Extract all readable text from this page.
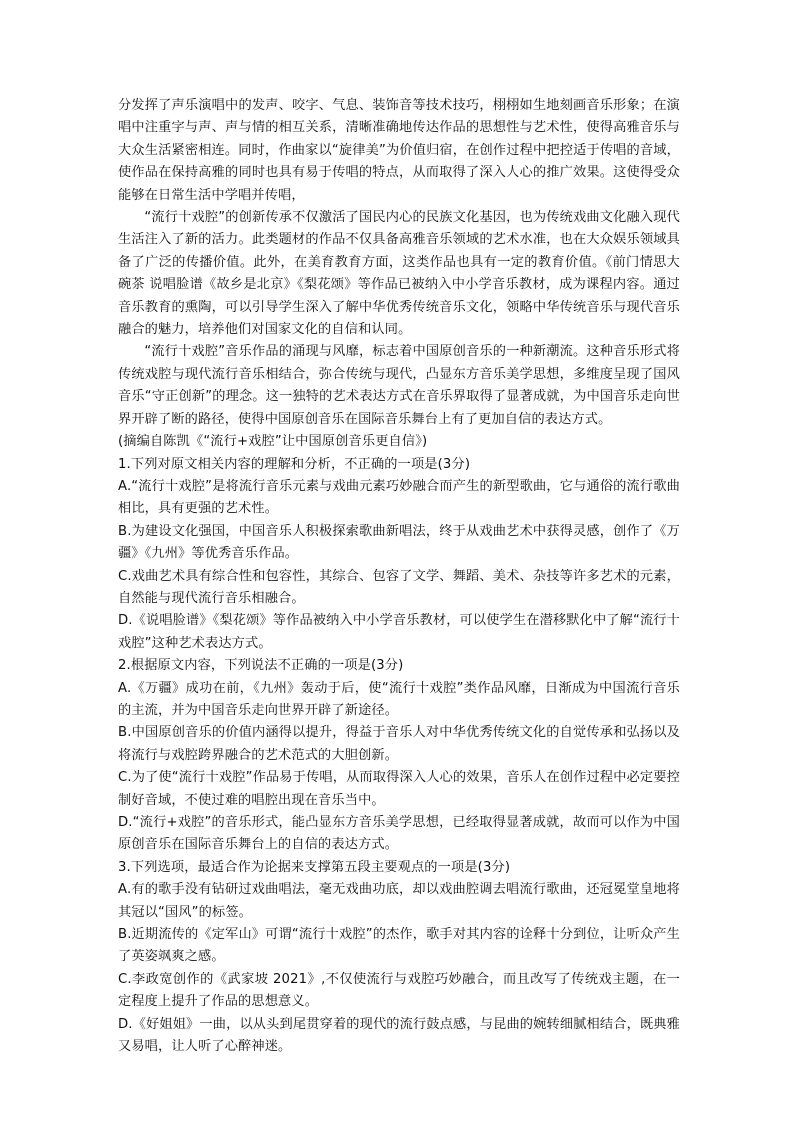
分发挥了声乐演唱中的发声、咬字、气息、装饰音等技术技巧，栩栩如生地刻画音乐形象；在演唱中注重字与声、声与情的相互关系，清晰准确地传达作品的思想性与艺术性，使得高雅音乐与大众生活紧密相连。同时，作曲家以“旋律美”为价值归宿，在创作过程中把控适于传唱的音域，使作品在保持高雅的同时也具有易于传唱的特点，从而取得了深入人心的推广效果。这使得受众能够在日常生活中学唱并传唱，

“流行十戏腔”的创新传承不仅激活了国民内心的民族文化基因，也为传统戏曲文化融入现代生活注入了新的活力。此类题材的作品不仅具备高雅音乐领域的艺术水准，也在大众娱乐领域具备了广泛的传播价值。此外，在美育教育方面，这类作品也具有一定的教育价值。《前门情思大碗茶 说唱脸谱《故乡是北京》《梨花颂》等作品已被纳入中小学音乐教材，成为课程内容。通过音乐教育的熏陶，可以引导学生深入了解中华优秀传统音乐文化，领略中华传统音乐与现代音乐融合的魅力，培养他们对国家文化的自信和认同。

“流行十戏腔”音乐作品的涌现与风靡，标志着中国原创音乐的一种新潮流。这种音乐形式将传统戏腔与现代流行音乐相结合，弥合传统与现代，凸显东方音乐美学思想，多维度呈现了国风音乐“守正创新”的理念。这一独特的艺术表达方式在音乐界取得了显著成就，为中国音乐走向世界开辟了断的路径，使得中国原创音乐在国际音乐舞台上有了更加自信的表达方式。

(摘编自陈凯《“流行+戏腔”让中国原创音乐更自信》)

1.下列对原文相关内容的理解和分析，不正确的一项是(3分)

A.“流行十戏腔”是将流行音乐元素与戏曲元素巧妙融合而产生的新型歌曲，它与通俗的流行歌曲相比，具有更强的艺术性。

B.为建设文化强国，中国音乐人积极探索歌曲新唱法，终于从戏曲艺术中获得灵感，创作了《万疆》《九州》等优秀音乐作品。

C.戏曲艺术具有综合性和包容性，其综合、包容了文学、舞蹈、美术、杂技等许多艺术的元素，自然能与现代流行音乐相融合。

D.《说唱脸谱》《梨花颂》等作品被纳入中小学音乐教材，可以使学生在潜移默化中了解“流行十戏腔”这种艺术表达方式。

2.根据原文内容，下列说法不正确的一项是(3分)

A.《万疆》成功在前，《九州》轰动于后，使“流行十戏腔”类作品风靡，日渐成为中国流行音乐的主流，并为中国音乐走向世界开辟了新途径。

B.中国原创音乐的价值内涵得以提升，得益于音乐人对中华优秀传统文化的自觉传承和弘扬以及将流行与戏腔跨界融合的艺术范式的大胆创新。

C.为了使“流行十戏腔”作品易于传唱，从而取得深入人心的效果，音乐人在创作过程中必定要控制好音域，不使过难的唱腔出现在音乐当中。

D.“流行+戏腔”的音乐形式，能凸显东方音乐美学思想，已经取得显著成就，故而可以作为中国原创音乐在国际音乐舞台上的自信的表达方式。

3.下列选项，最适合作为论据来支撑第五段主要观点的一项是(3分)

A.有的歌手没有钻研过戏曲唱法，毫无戏曲功底，却以戏曲腔调去唱流行歌曲，还冠冕堂皇地将其冠以“国风”的标签。

B.近期流传的《定军山》可谓“流行十戏腔”的杰作，歌手对其内容的诠释十分到位，让听众产生了英姿飒爽之感。

C.李政宽创作的《武家坡 2021》,不仅使流行与戏腔巧妙融合，而且改写了传统戏主题，在一定程度上提升了作品的思想意义。

D.《好姐姐》一曲，以从头到尾贯穿着的现代的流行鼓点感，与昆曲的婉转细腻相结合，既典雅又易唱，让人听了心醉神迷。
